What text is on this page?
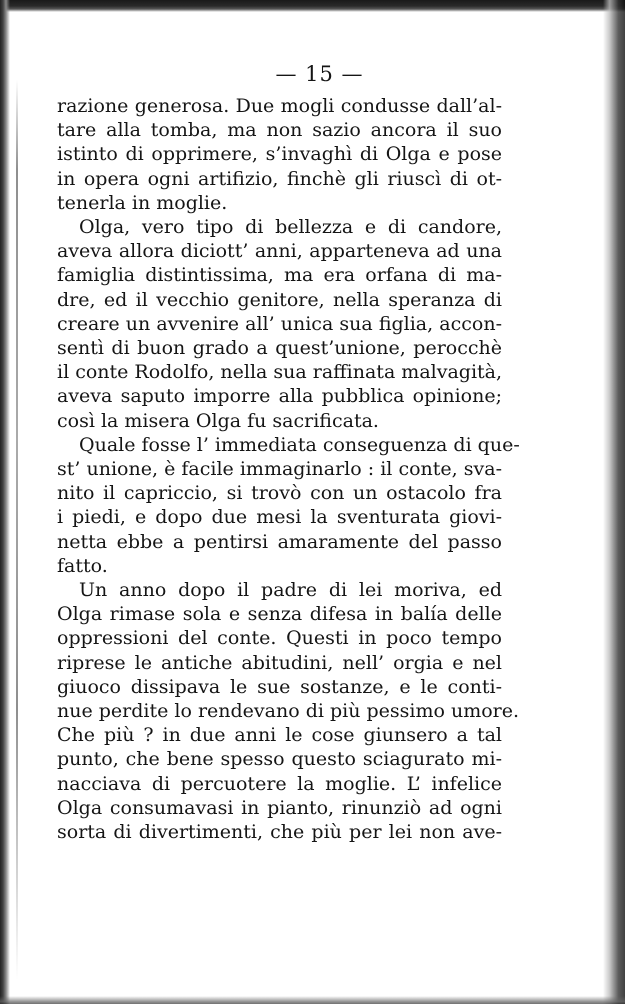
— 15 —
razione generosa. Due mogli condusse dall’al-
tare alla tomba, ma non sazio ancora il suo
istinto di opprimere, s’invaghì di Olga e pose
in opera ogni artifizio, finchè gli riuscì di ot-
tenerla in moglie.
Olga, vero tipo di bellezza e di candore,
aveva allora diciott’ anni, apparteneva ad una
famiglia distintissima, ma era orfana di ma-
dre, ed il vecchio genitore, nella speranza di
creare un avvenire all’ unica sua figlia, accon-
sentì di buon grado a quest’unione, perocchè
il conte Rodolfo, nella sua raffinata malvagità,
aveva saputo imporre alla pubblica opinione;
così la misera Olga fu sacrificata.
Quale fosse l’ immediata conseguenza di que-
st’ unione, è facile immaginarlo : il conte, sva-
nito il capriccio, si trovò con un ostacolo fra
i piedi, e dopo due mesi la sventurata giovi-
netta ebbe a pentirsi amaramente del passo
fatto.
Un anno dopo il padre di lei moriva, ed
Olga rimase sola e senza difesa in balía delle
oppressioni del conte. Questi in poco tempo
riprese le antiche abitudini, nell’ orgia e nel
giuoco dissipava le sue sostanze, e le conti-
nue perdite lo rendevano di più pessimo umore.
Che più ? in due anni le cose giunsero a tal
punto, che bene spesso questo sciagurato mi-
nacciava di percuotere la moglie. L’ infelice
Olga consumavasi in pianto, rinunziò ad ogni
sorta di divertimenti, che più per lei non ave-
